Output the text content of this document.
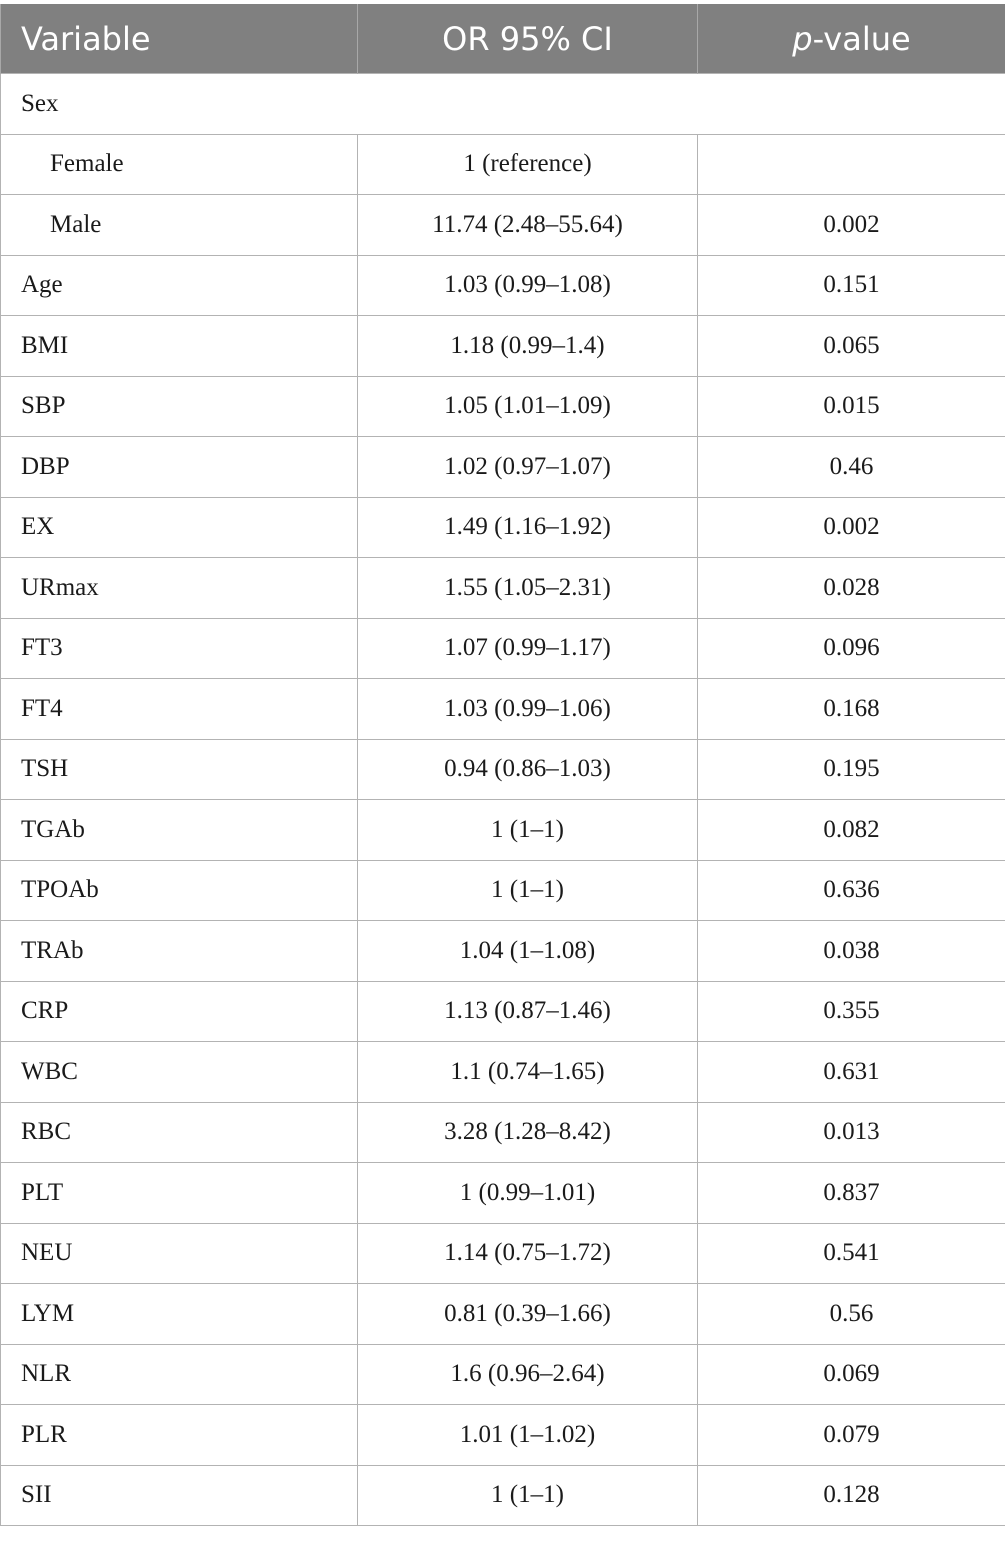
Variable	OR 95% CI	p-value
Sex		
Female	1 (reference)	
Male	11.74 (2.48–55.64)	0.002
Age	1.03 (0.99–1.08)	0.151
BMI	1.18 (0.99–1.4)	0.065
SBP	1.05 (1.01–1.09)	0.015
DBP	1.02 (0.97–1.07)	0.46
EX	1.49 (1.16–1.92)	0.002
URmax	1.55 (1.05–2.31)	0.028
FT3	1.07 (0.99–1.17)	0.096
FT4	1.03 (0.99–1.06)	0.168
TSH	0.94 (0.86–1.03)	0.195
TGAb	1 (1–1)	0.082
TPOAb	1 (1–1)	0.636
TRAb	1.04 (1–1.08)	0.038
CRP	1.13 (0.87–1.46)	0.355
WBC	1.1 (0.74–1.65)	0.631
RBC	3.28 (1.28–8.42)	0.013
PLT	1 (0.99–1.01)	0.837
NEU	1.14 (0.75–1.72)	0.541
LYM	0.81 (0.39–1.66)	0.56
NLR	1.6 (0.96–2.64)	0.069
PLR	1.01 (1–1.02)	0.079
SII	1 (1–1)	0.128
